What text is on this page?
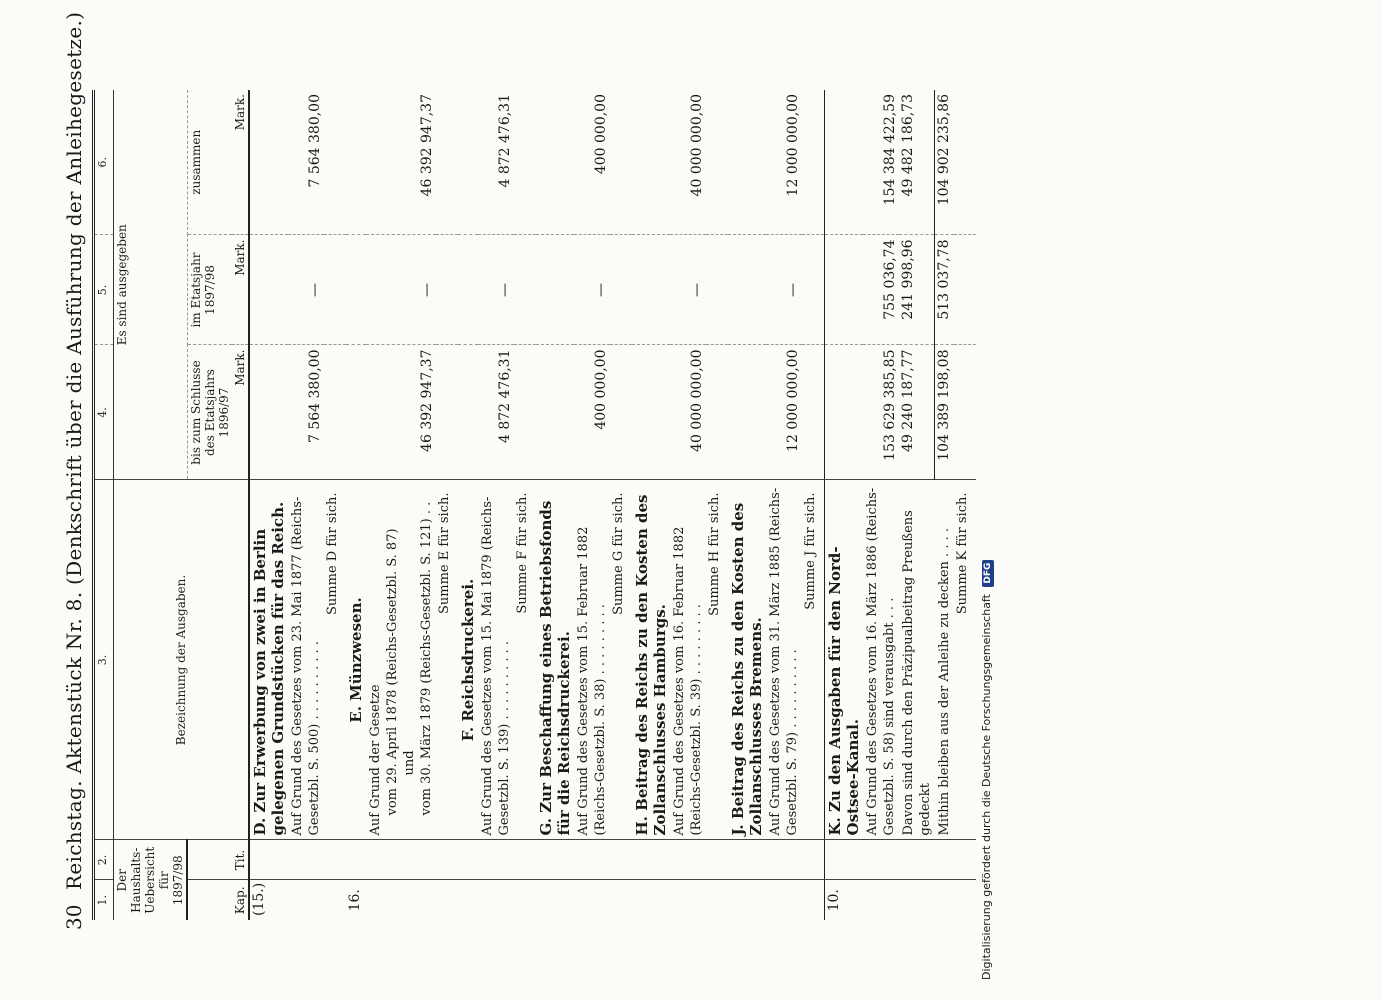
30
Reichstag. Aktenstück Nr. 8. (Denkschrift über die Ausführung der Anleihegesetze.)
1.	2.	3.	4.	5.	6.
Der Haushalts-Uebersicht für 1897/98		Bezeichnung der Ausgaben.	Es sind ausgegeben		
Kap.	Tit.		bis zum Schlusse des Etatsjahrs 1896/97	im Etatsjahr 1897/98	zusammen
			Mark.	Mark.	Mark.
(15.)		D. Zur Erwerbung von zwei in Berlin gelegenen Grundstücken für das Reich.			
		Auf Grund des Gesetzes vom 23. Mai 1877 (Reichs-Gesetzbl. S. 500) . . . . . . . . . .	7 564 380,00	—	7 564 380,00
		Summe D für sich.			
16.		E. Münzwesen.			

		Auf Grund der Gesetze vom 29. April 1878 (Reichs-Gesetzbl. S. 87) und vom 30. März 1879 (Reichs-Gesetzbl. S. 121) . .	46 392 947,37	—	46 392 947,37
		Summe E für sich.			
		F. Reichsdruckerei.			
		Auf Grund des Gesetzes vom 15. Mai 1879 (Reichs-Gesetzbl. S. 139) . . . . . . . . . .	4 872 476,31	—	4 872 476,31
		Summe F für sich.			
		G. Zur Beschaffung eines Betriebsfonds für die Reichsdruckerei.			
		Auf Grund des Gesetzes vom 15. Februar 1882 (Reichs-Gesetzbl. S. 38) . . . . . . . . .	400 000,00	—	400 000,00
		Summe G für sich.			
		H. Beitrag des Reichs zu den Kosten des Zollanschlusses Hamburgs.			
		Auf Grund des Gesetzes vom 16. Februar 1882 (Reichs-Gesetzbl. S. 39) . . . . . . . . .	40 000 000,00	—	40 000 000,00
		Summe H für sich.			
		J. Beitrag des Reichs zu den Kosten des Zollanschlusses Bremens.			
		Auf Grund des Gesetzes vom 31. März 1885 (Reichs-Gesetzbl. S. 79) . . . . . . . . . .	12 000 000,00	—	12 000 000,00
		Summe J für sich.			
10.		K. Zu den Ausgaben für den Nord-Ostsee-Kanal.			
		Auf Grund des Gesetzes vom 16. März 1886 (Reichs-Gesetzbl. S. 58) sind verausgabt . . .	153 629 385,85	755 036,74	154 384 422,59
		Davon sind durch den Präzipualbeitrag Preußens gedeckt	49 240 187,77	241 998,96	49 482 186,73
		Mithin bleiben aus der Anleihe zu decken . . . .	104 389 198,08	513 037,78	104 902 235,86
		Summe K für sich.			
Digitalisierung gefördert durch die Deutsche Forschungsgemeinschaft DFG
